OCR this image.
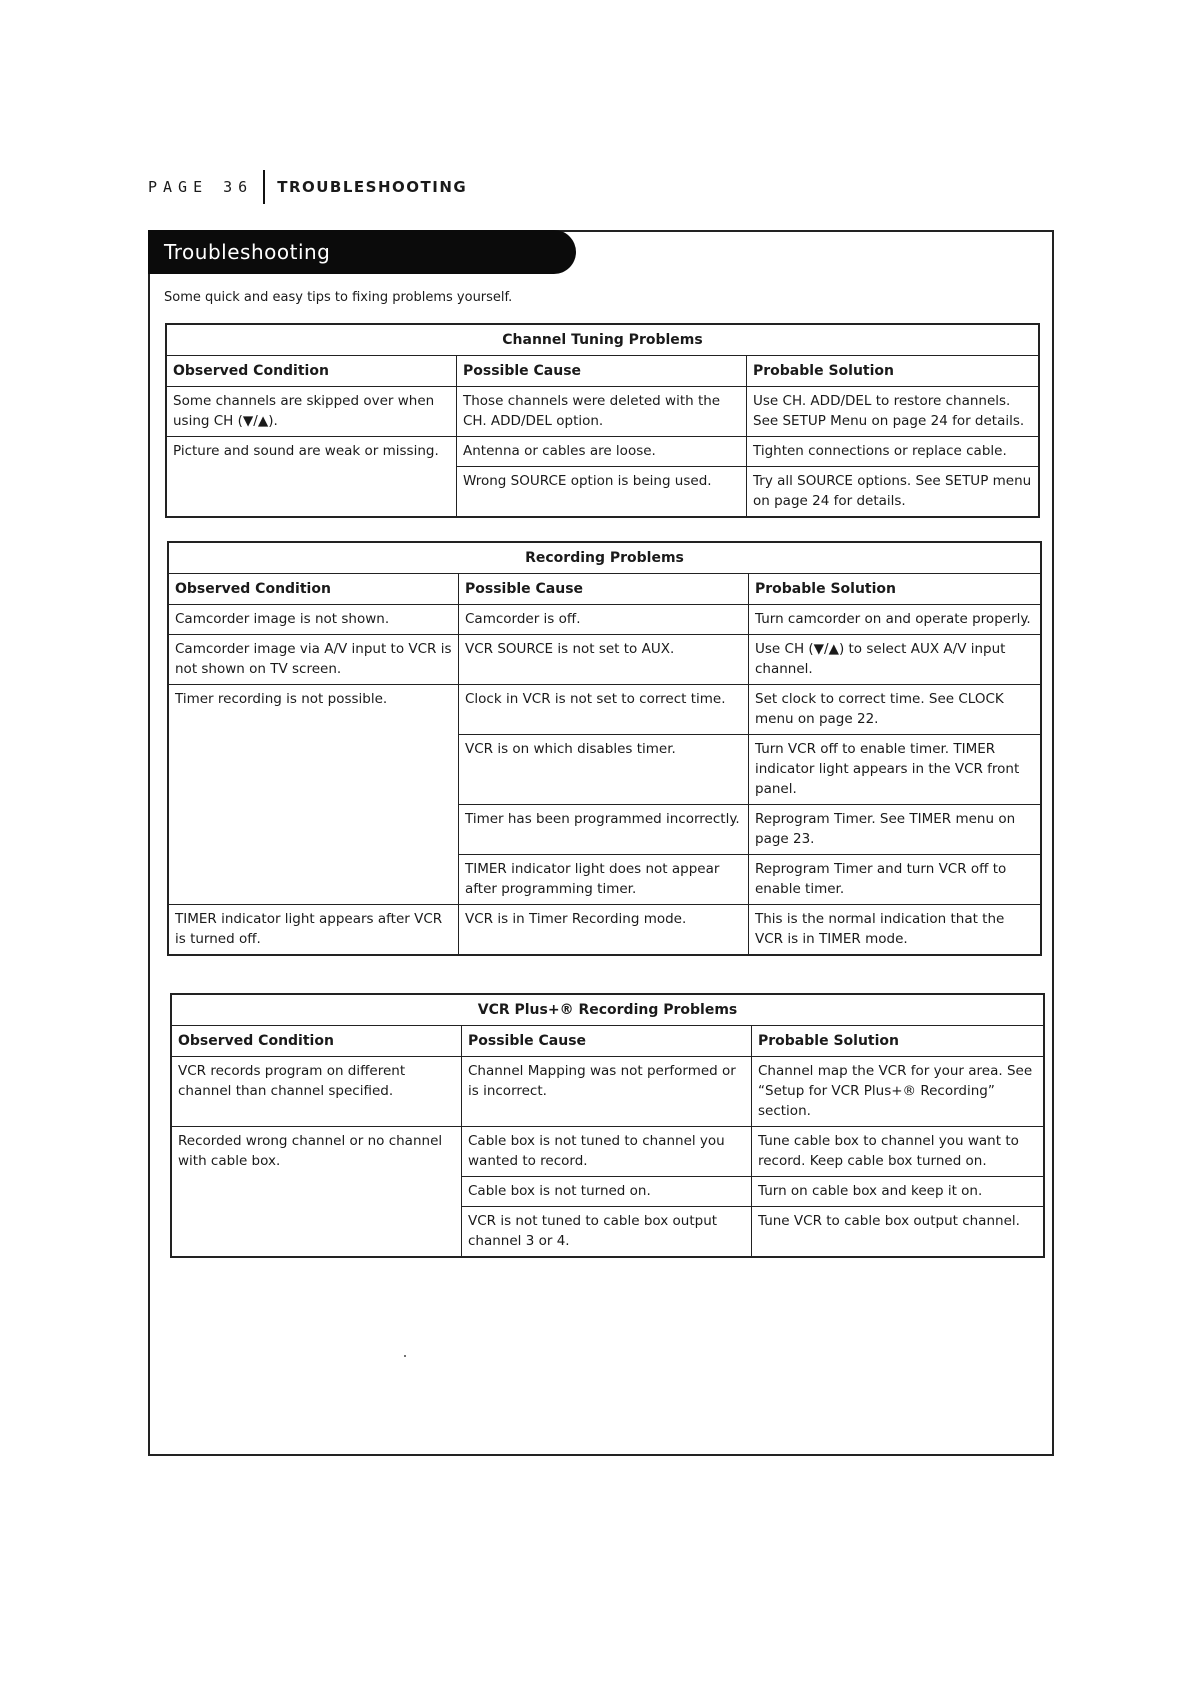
PAGE 36 TROUBLESHOOTING
Troubleshooting
Some quick and easy tips to fixing problems yourself.
Channel Tuning Problems		
Observed Condition	Possible Cause	Probable Solution
Some channels are skipped over when using CH (▼/▲).	Those channels were deleted with the CH. ADD/DEL option.	Use CH. ADD/DEL to restore channels. See SETUP Menu on page 24 for details.
Picture and sound are weak or missing.	Antenna or cables are loose.	Tighten connections or replace cable.
	Wrong SOURCE option is being used.	Try all SOURCE options. See SETUP menu on page 24 for details.
Recording Problems		
Observed Condition	Possible Cause	Probable Solution
Camcorder image is not shown.	Camcorder is off.	Turn camcorder on and operate properly.
Camcorder image via A/V input to VCR is not shown on TV screen.	VCR SOURCE is not set to AUX.	Use CH (▼/▲) to select AUX A/V input channel.
Timer recording is not possible.	Clock in VCR is not set to correct time.	Set clock to correct time. See CLOCK menu on page 22.
	VCR is on which disables timer.	Turn VCR off to enable timer. TIMER indicator light appears in the VCR front panel.
	Timer has been programmed incorrectly.	Reprogram Timer. See TIMER menu on page 23.
	TIMER indicator light does not appear after programming timer.	Reprogram Timer and turn VCR off to enable timer.
TIMER indicator light appears after VCR is turned off.	VCR is in Timer Recording mode.	This is the normal indication that the VCR is in TIMER mode.
VCR Plus+® Recording Problems		
Observed Condition	Possible Cause	Probable Solution
VCR records program on different channel than channel specified.	Channel Mapping was not performed or is incorrect.	Channel map the VCR for your area. See “Setup for VCR Plus+® Recording” section.
Recorded wrong channel or no channel with cable box.	Cable box is not tuned to channel you wanted to record.	Tune cable box to channel you want to record. Keep cable box turned on.
	Cable box is not turned on.	Turn on cable box and keep it on.
	VCR is not tuned to cable box output channel 3 or 4.	Tune VCR to cable box output channel.
